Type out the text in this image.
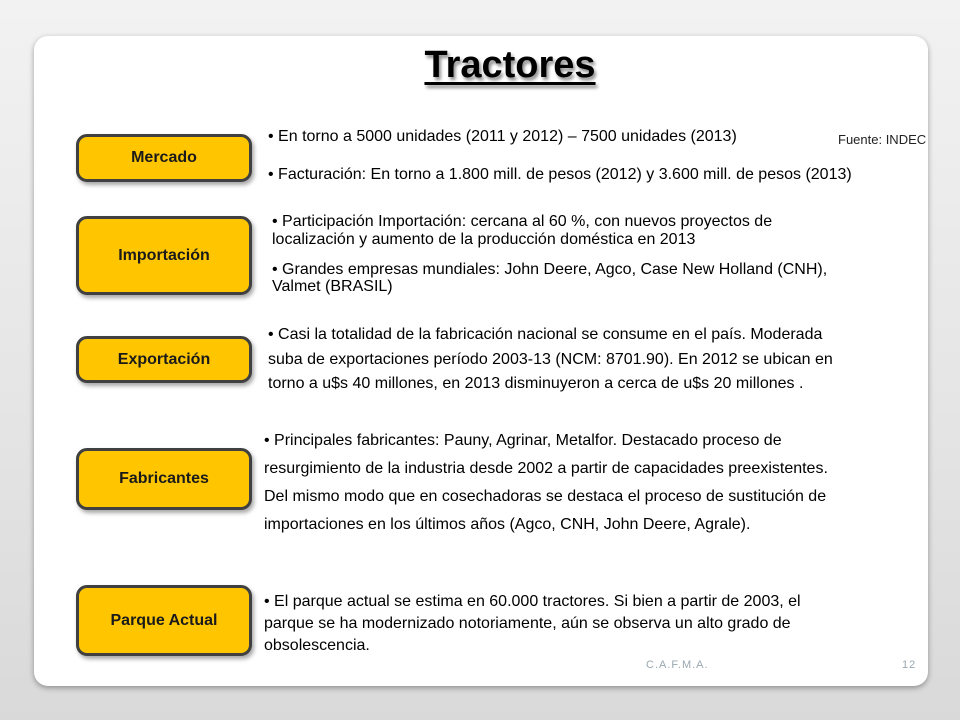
Tractores
Mercado
• En torno a 5000 unidades (2011 y 2012) – 7500 unidades (2013)	Fuente: INDEC
• Facturación: En torno a 1.800 mill. de pesos (2012) y 3.600 mill. de pesos (2013)
Importación
• Participación Importación: cercana al 60 %, con nuevos proyectos de
localización y aumento de la producción doméstica en 2013
• Grandes empresas mundiales: John Deere, Agco, Case New Holland (CNH),
Valmet (BRASIL)
Exportación
• Casi la totalidad de la fabricación nacional se consume en el país. Moderada
suba de exportaciones período 2003-13 (NCM: 8701.90). En 2012 se ubican en
torno a u$s 40 millones, en 2013 disminuyeron a cerca de u$s 20 millones .
Fabricantes
• Principales fabricantes: Pauny, Agrinar, Metalfor. Destacado proceso de
resurgimiento de la industria desde 2002 a partir de capacidades preexistentes.
Del mismo modo que en cosechadoras se destaca el proceso de sustitución de
importaciones en los últimos años (Agco, CNH, John Deere, Agrale).
Parque Actual
• El parque actual se estima en 60.000 tractores. Si bien a partir de 2003, el
parque se ha modernizado notoriamente, aún se observa un alto grado de
obsolescencia.
C.A.F.M.A.	12
